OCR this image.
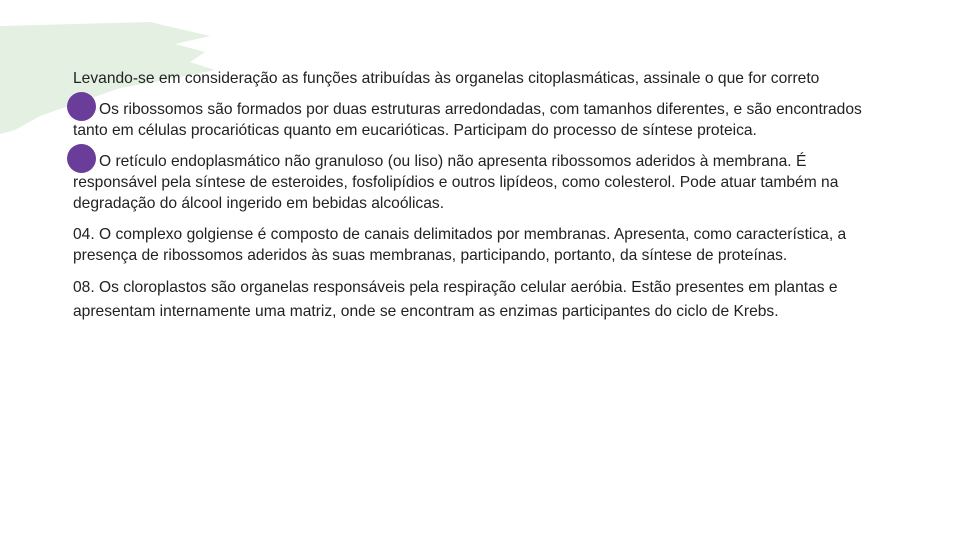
Levando-se em consideração as funções atribuídas às organelas citoplasmáticas, assinale o que for correto

Os ribossomos são formados por duas estruturas arredondadas, com tamanhos diferentes, e são encontrados tanto em células procarióticas quanto em eucarióticas. Participam do processo de síntese proteica.

O retículo endoplasmático não granuloso (ou liso) não apresenta ribossomos aderidos à membrana. É responsável pela síntese de esteroides, fosfolipídios e outros lipídeos, como colesterol. Pode atuar também na degradação do álcool ingerido em bebidas alcoólicas.

04. O complexo golgiense é composto de canais delimitados por membranas. Apresenta, como característica, a presença de ribossomos aderidos às suas membranas, participando, portanto, da síntese de proteínas.

08. Os cloroplastos são organelas responsáveis pela respiração celular aeróbia. Estão presentes em plantas e apresentam internamente uma matriz, onde se encontram as enzimas participantes do ciclo de Krebs.
